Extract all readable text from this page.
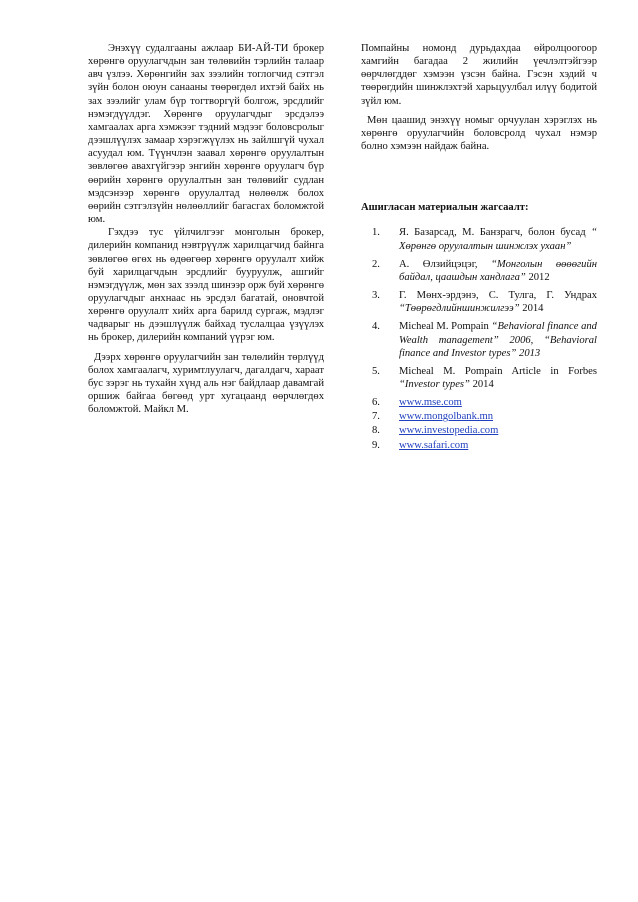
Энэхүү судалгааны ажлаар БИ-АЙ-ТИ брокер хөрөнгө оруулагчдын зан төлөвийн тэрлийн талаар авч үзлээ. Хөрөнгийн зах зээлийн тоглогчид сэтгэл зүйн болон оюун санааны төөрөгдөл ихтэй байх нь зах зээлийг улам бүр тогтворгүй болгож, эрсдлийг нэмэгдүүлдэг. Хөрөнгө оруулагчдыг эрсдэлээ хамгаалах арга хэмжээг тэдний мэдээг боловсролыг дээшлүүлэх замаар хэрэгжүүлэх нь зайлшгүй чухал асуудал юм. Түүнчлэн заавал хөрөнгө оруулалтын зөвлөгөө авахгүйгээр энгийн хөрөнгө оруулагч бүр өөрийн хөрөнгө оруулалтын зан төлөвийг судлан мэдсэнээр хөрөнгө оруулалтад нөлөөлж болох өөрийн сэтгэлзүйн нөлөөллийг багасгах боломжтой юм.

Гэхдээ тус үйлчилгээг монголын брокер, дилерийн компанид нэвтрүүлж харилцагчид байнга зөвлөгөө өгөх нь өдөөгөөр хөрөнгө оруулалт хийж буй харилцагчдын эрсдлийг бууруулж, ашгийг нэмэгдүүлж, мөн зах зээлд шинээр орж буй хөрөнгө оруулагчдыг анхнаас нь эрсдэл багатай, оновчтой хөрөнгө оруулалт хийх арга барилд сургаж, мэдлэг чадварыг нь дээшлүүлж байхад туслалцаа үзүүлэх нь брокер, дилерийн компаний үүрэг юм.

Дээрх хөрөнгө оруулагчийн зан төлөлийн төрлүүд болох хамгаалагч, хуримтлуулагч, дагалдагч, хараат бус зэрэг нь тухайн хүнд аль нэг байдлаар давамгай оршиж байгаа бөгөөд урт хугацаанд өөрчлөгдөх боломжтой. Майкл М.

Помпайны номонд дурьдахдаа өйролцоогоор хамгийн багадаа 2 жилийн үечлэлтэйгээр өөрчлөгддөг хэмээн үзсэн байна. Гэсэн хэдий ч төөрөгдийн шинжлэхтэй харьцуулбал илүү бодитой зүйл юм.

Мөн цаашид энэхүү номыг орчуулан хэрэглэх нь хөрөнгө оруулагчийн боловсролд чухал нэмэр болно хэмээн найдаж байна.

Ашигласан материалын жагсаалт:

1. Я. Базарсад, М. Банзрагч, болон бусад “ Хөрөнгө оруулалтын шинжлэх ухаан”
2. А. Өлзийцэцэг, “Монголын өөөөгийн байдал, цаашдын хандлага” 2012
3. Г. Мөнх-эрдэнэ, С. Тулга, Г. Ундрах “Төөрөгдлийншинжилгээ” 2014
4. Micheal M. Pompain “Behavioral finance and Wealth management” 2006, “Behavioral finance and Investor types” 2013
5. Micheal M. Pompain Article in Forbes “Investor types” 2014
6. www.mse.com
7. www.mongolbank.mn
8. www.investopedia.com
9. www.safari.com
